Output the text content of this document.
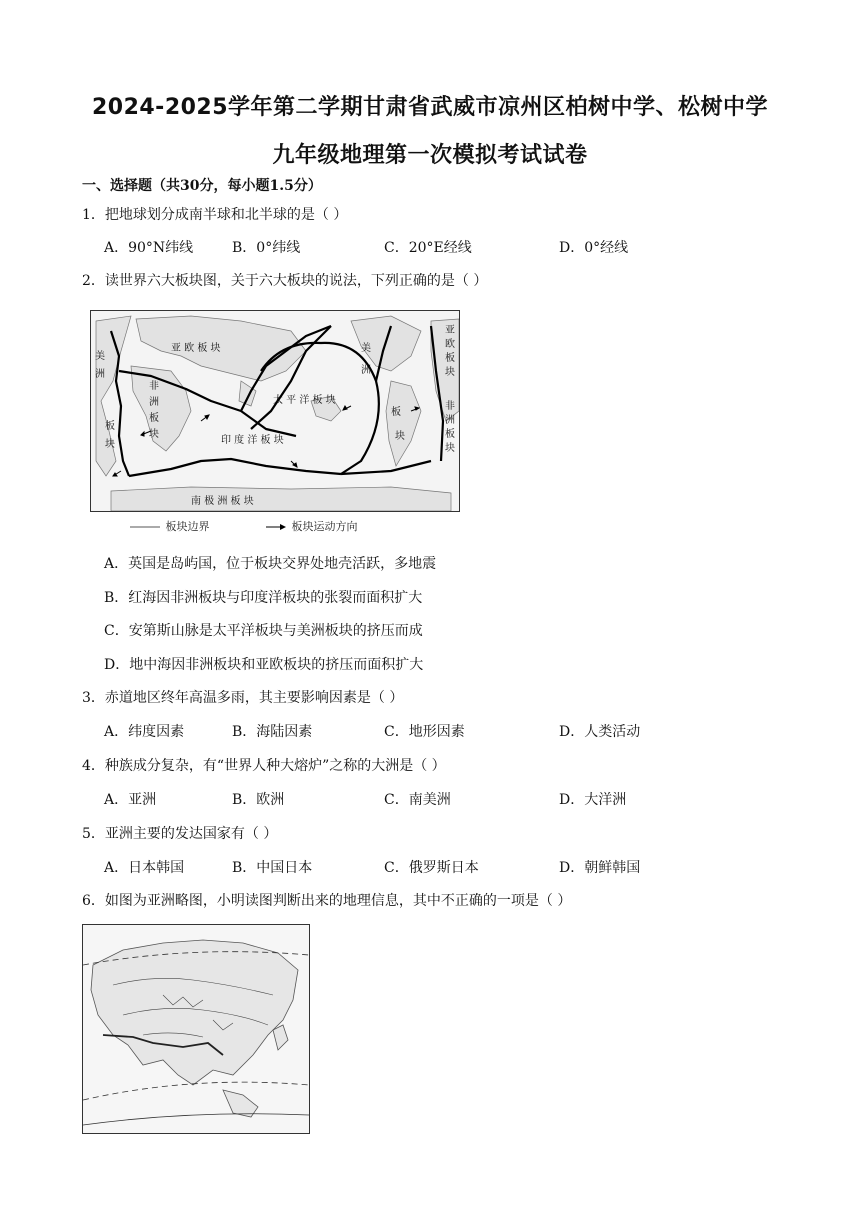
2024-2025学年第二学期甘肃省武威市凉州区柏树中学、松树中学
九年级地理第一次模拟考试试卷
一、选择题（共30分，每小题1.5分）
1．把地球划分成南半球和北半球的是（ ）
A．90°N纬线	B．0°纬线	C．20°E经线	D．0°经线
2．读世界六大板块图，关于六大板块的说法，下列正确的是（ ）
亚 欧 板 块
美
洲
板
块
非
洲
板
块
太 平 洋 板 块
印 度 洋 板 块
美
洲
板
块
亚
欧
板
块
非
洲
板
块
南 极 洲 板 块
板块边界	板块运动方向
A．英国是岛屿国，位于板块交界处地壳活跃，多地震
B．红海因非洲板块与印度洋板块的张裂而面积扩大
C．安第斯山脉是太平洋板块与美洲板块的挤压而成
D．地中海因非洲板块和亚欧板块的挤压而面积扩大
3．赤道地区终年高温多雨，其主要影响因素是（ ）
A．纬度因素	B．海陆因素	C．地形因素	D．人类活动
4．种族成分复杂，有“世界人种大熔炉”之称的大洲是（ ）
A．亚洲	B．欧洲	C．南美洲	D．大洋洲
5．亚洲主要的发达国家有（ ）
A．日本韩国	B．中国日本	C．俄罗斯日本	D．朝鲜韩国
6．如图为亚洲略图，小明读图判断出来的地理信息，其中不正确的一项是（ ）
